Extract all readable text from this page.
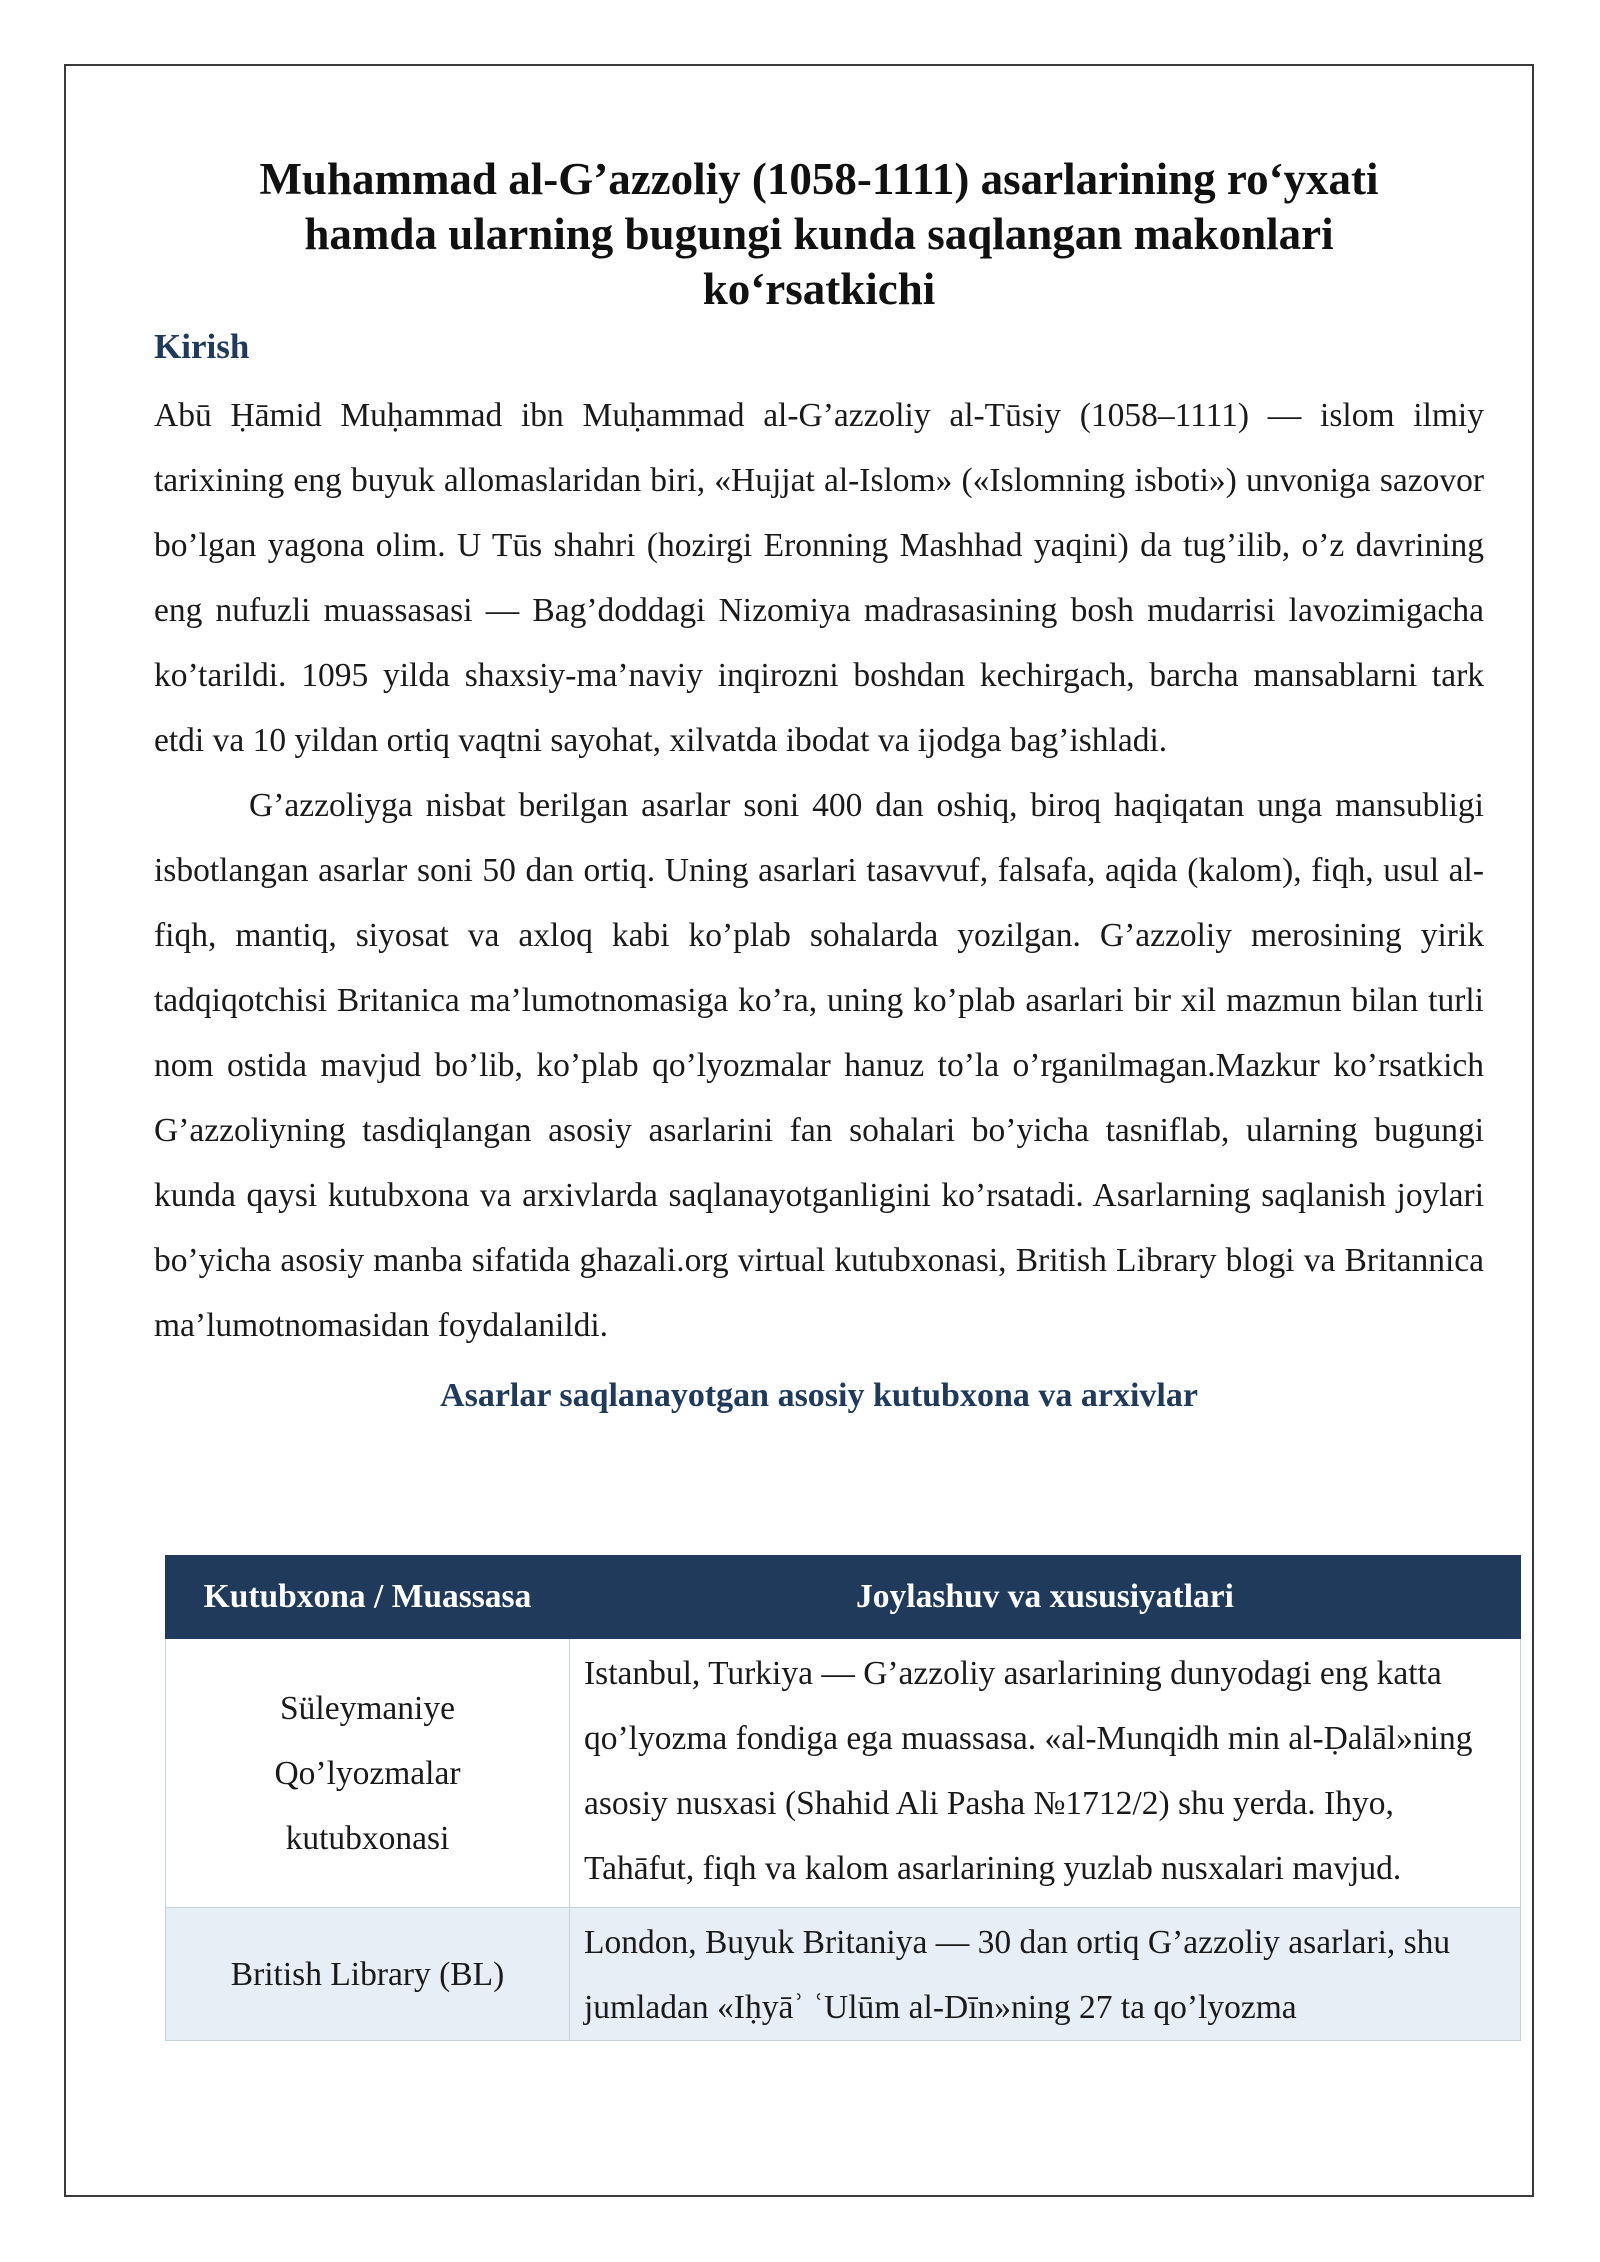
Muhammad al-G’azzoliy (1058-1111) asarlarining ro‘yxati hamda ularning bugungi kunda saqlangan makonlari ko‘rsatkichi
Kirish

Abū Ḥāmid Muḥammad ibn Muḥammad al-G’azzoliy al-Tūsiy (1058–1111) — islom ilmiy tarixining eng buyuk allomaslaridan biri, «Hujjat al-Islom» («Islomning isboti») unvoniga sazovor bo’lgan yagona olim. U Tūs shahri (hozirgi Eronning Mashhad yaqini) da tug’ilib, o’z davrining eng nufuzli muassasasi — Bag’doddagi Nizomiya madrasasining bosh mudarrisi lavozimigacha ko’tarildi. 1095 yilda shaxsiy-ma’naviy inqirozni boshdan kechirgach, barcha mansablarni tark etdi va 10 yildan ortiq vaqtni sayohat, xilvatda ibodat va ijodga bag’ishladi.

G’azzoliyga nisbat berilgan asarlar soni 400 dan oshiq, biroq haqiqatan unga mansubligi isbotlangan asarlar soni 50 dan ortiq. Uning asarlari tasavvuf, falsafa, aqida (kalom), fiqh, usul al-fiqh, mantiq, siyosat va axloq kabi ko’plab sohalarda yozilgan. G’azzoliy merosining yirik tadqiqotchisi Britanica ma’lumotnomasiga ko’ra, uning ko’plab asarlari bir xil mazmun bilan turli nom ostida mavjud bo’lib, ko’plab qo’lyozmalar hanuz to’la o’rganilmagan.Mazkur ko’rsatkich G’azzoliyning tasdiqlangan asosiy asarlarini fan sohalari bo’yicha tasniflab, ularning bugungi kunda qaysi kutubxona va arxivlarda saqlanayotganligini ko’rsatadi. Asarlarning saqlanish joylari bo’yicha asosiy manba sifatida ghazali.org virtual kutubxonasi, British Library blogi va Britannica ma’lumotnomasidan foydalanildi.

Asarlar saqlanayotgan asosiy kutubxona va arxivlar

Kutubxona / Muassasa	Joylashuv va xususiyatlari
Süleymaniye Qo’lyozmalar kutubxonasi	Istanbul, Turkiya — G’azzoliy asarlarining dunyodagi eng katta qo’lyozma fondiga ega muassasa. «al-Munqidh min al-Ḍalāl»ning asosiy nusxasi (Shahid Ali Pasha №1712/2) shu yerda. Ihyo, Tahāfut, fiqh va kalom asarlarining yuzlab nusxalari mavjud.
British Library (BL)	London, Buyuk Britaniya — 30 dan ortiq G’azzoliy asarlari, shu jumladan «Iḥyāʾ ʿUlūm al-Dīn»ning 27 ta qo’lyozma
